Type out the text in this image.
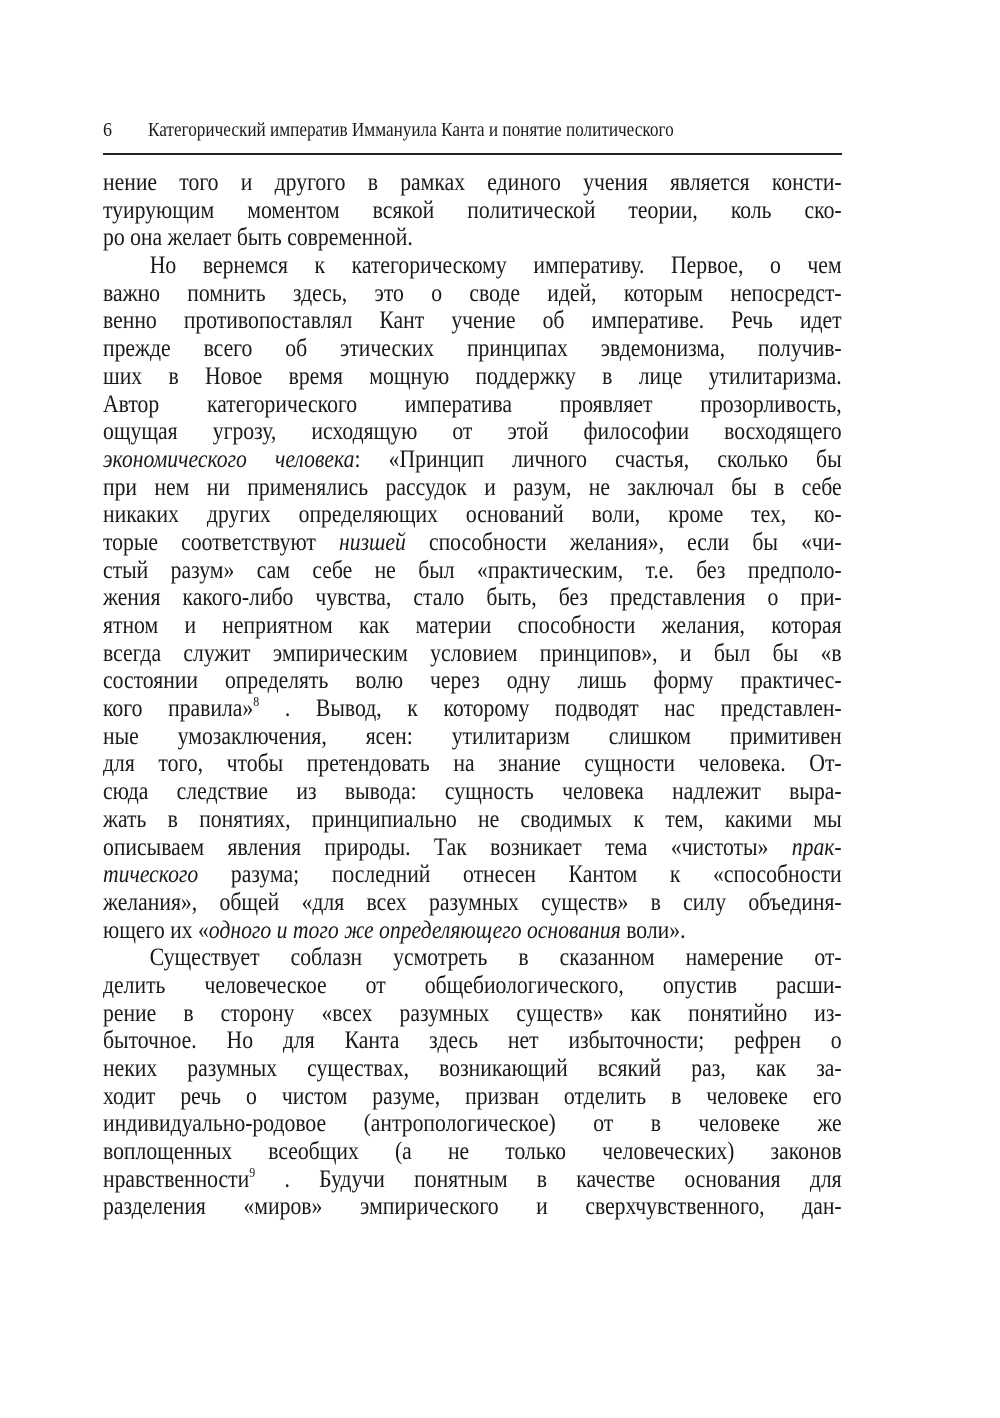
6 Категорический императив Иммануила Канта и понятие политического
нение того и другого в рамках единого учения является консти-
туирующим моментом всякой политической теории, коль ско-
ро она желает быть современной.
Но вернемся к категорическому императиву. Первое, о чем
важно помнить здесь, это о своде идей, которым непосредст-
венно противопоставлял Кант учение об императиве. Речь идет
прежде всего об этических принципах эвдемонизма, получив-
ших в Новое время мощную поддержку в лице утилитаризма.
Автор категорического императива проявляет прозорливость,
ощущая угрозу, исходящую от этой философии восходящего
экономического человека: «Принцип личного счастья, сколько бы
при нем ни применялись рассудок и разум, не заключал бы в себе
никаких других определяющих оснований воли, кроме тех, ко-
торые соответствуют низшей способности желания», если бы «чи-
стый разум» сам себе не был «практическим, т.е. без предполо-
жения какого-либо чувства, стало быть, без представления о при-
ятном и неприятном как материи способности желания, которая
всегда служит эмпирическим условием принципов», и был бы «в
состоянии определять волю через одну лишь форму практичес-
кого правила»$^8$ . Вывод, к которому подводят нас представлен-
ные умозаключения, ясен: утилитаризм слишком примитивен
для того, чтобы претендовать на знание сущности человека. От-
сюда следствие из вывода: сущность человека надлежит выра-
жать в понятиях, принципиально не сводимых к тем, какими мы
описываем явления природы. Так возникает тема «чистоты» прак-
тического разума; последний отнесен Кантом к «способности
желания», общей «для всех разумных существ» в силу объединя-
ющего их «одного и того же определяющего основания воли».
Существует соблазн усмотреть в сказанном намерение от-
делить человеческое от общебиологического, опустив расши-
рение в сторону «всех разумных существ» как понятийно из-
быточное. Но для Канта здесь нет избыточности; рефрен о
неких разумных существах, возникающий всякий раз, как за-
ходит речь о чистом разуме, призван отделить в человеке его
индивидуально-родовое (антропологическое) от в человеке же
воплощенных всеобщих (а не только человеческих) законов
нравственности$^9$ . Будучи понятным в качестве основания для
разделения «миров» эмпирического и сверхчувственного, дан-
